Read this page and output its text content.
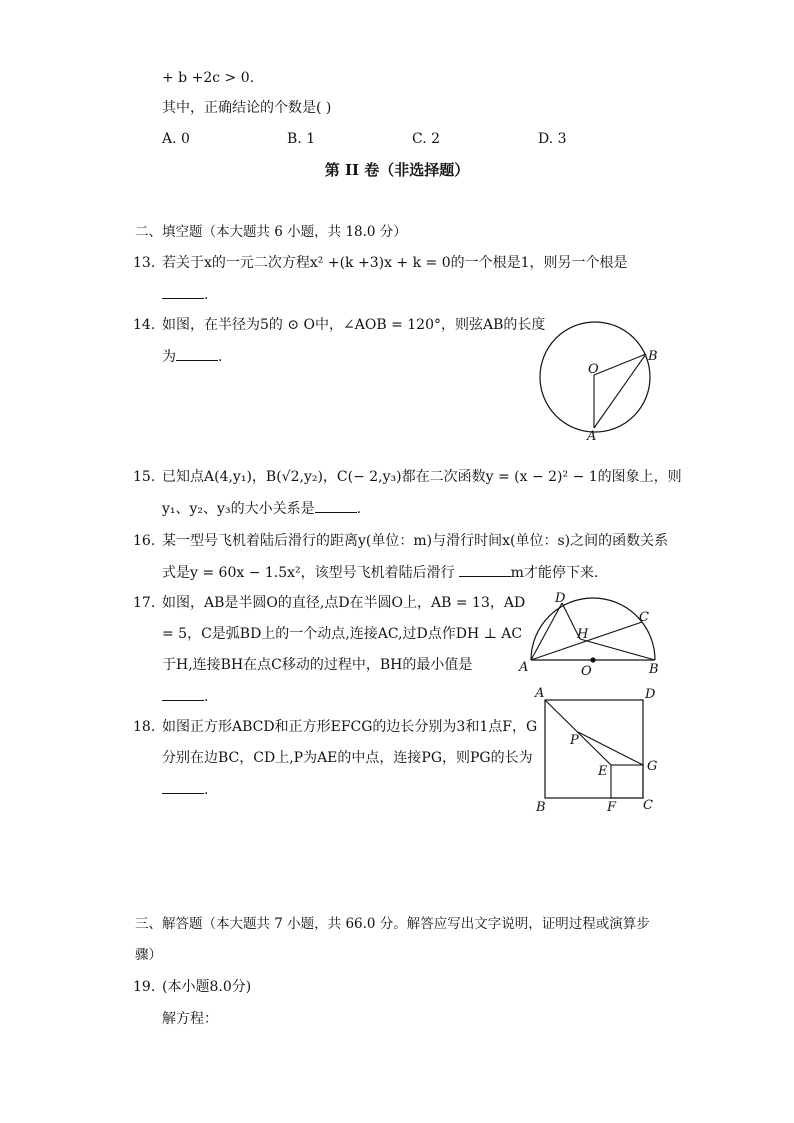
+ b +2c > 0.
其中，正确结论的个数是( )
A. 0	B. 1	C. 2	D. 3
第 II 卷（非选择题）
二、填空题（本大题共 6 小题，共 18.0 分）
13. 若关于x的一元二次方程x² +(k +3)x + k = 0的一个根是1，则另一个根是
.
14. 如图，在半径为5的 ⊙ O中，∠AOB = 120°，则弦AB的长度
为	.
O
B
A
15. 已知点A(4,y₁)，B(√2,y₂)，C(− 2,y₃)都在二次函数y = (x − 2)² − 1的图象上，则
y₁、y₂、y₃的大小关系是	.
16. 某一型号飞机着陆后滑行的距离y(单位：m)与滑行时间x(单位：s)之间的函数关系
式是y = 60x − 1.5x²，该型号飞机着陆后滑行	m才能停下来.
17. 如图，AB是半圆O的直径,点D在半圆O上，AB = 13，AD
= 5，C是弧BD上的一个动点,连接AC,过D点作DH ⊥ AC
于H,连接BH在点C移动的过程中，BH的最小值是
.
D
C
H
A	O	B
18. 如图正方形ABCD和正方形EFCG的边长分别为3和1点F，G
分别在边BC，CD上,P为AE的中点，连接PG，则PG的长为
.
A	D
P
G
E
B	F C
三、解答题（本大题共 7 小题，共 66.0 分。解答应写出文字说明，证明过程或演算步
骤）
19. (本小题8.0分)
解方程：
